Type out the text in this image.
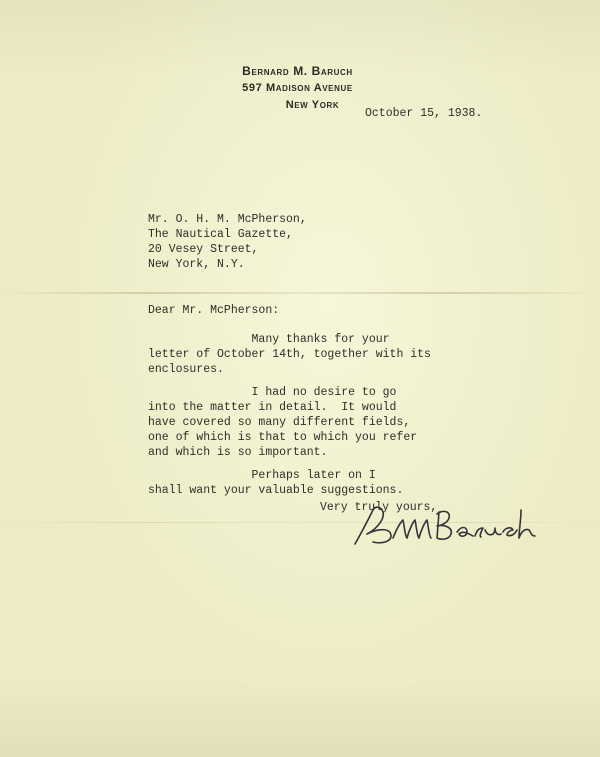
Bernard M. Baruch
597 Madison Avenue
New York
October 15, 1938.
Mr. O. H. M. McPherson,
The Nautical Gazette,
20 Vesey Street,
New York, N.Y.
Dear Mr. McPherson:
Many thanks for your
letter of October 14th, together with its
enclosures.
I had no desire to go
into the matter in detail.  It would
have covered so many different fields,
one of which is that to which you refer
and which is so important.
Perhaps later on I
shall want your valuable suggestions.
Very truly yours,
